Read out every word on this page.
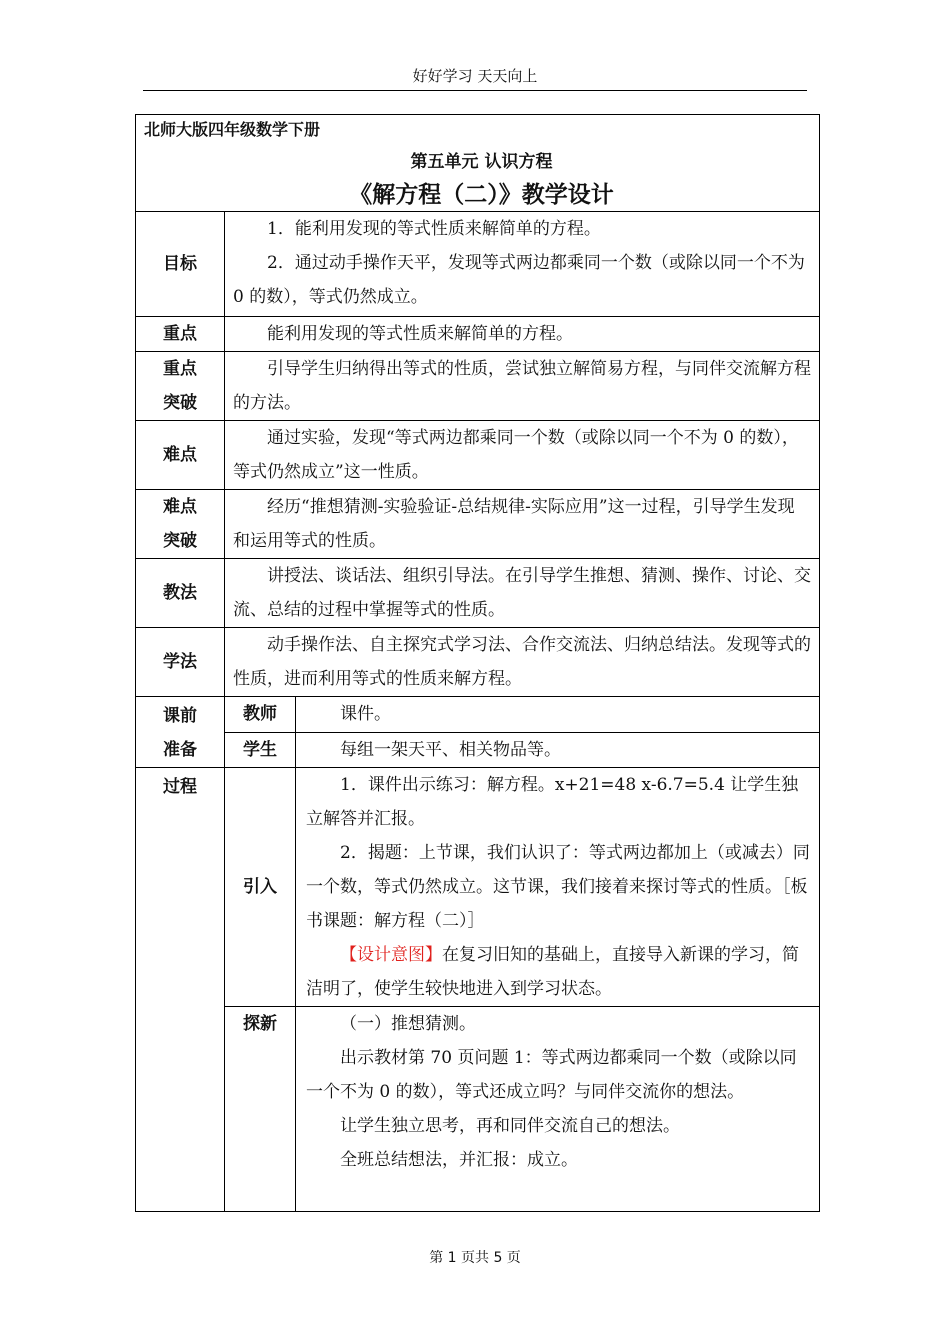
好好学习 天天向上
北师大版四年级数学下册
第五单元 认识方程
《解方程（二）》教学设计		

目标	1．能利用发现的等式性质来解简单的方程。

2．通过动手操作天平，发现等式两边都乘同一个数（或除以同一个不为 0 的数），等式仍然成立。	

重点	能利用发现的等式性质来解简单的方程。	

重点
突破	引导学生归纳得出等式的性质，尝试独立解简易方程，与同伴交流解方程的方法。	

难点	通过实验，发现“等式两边都乘同一个数（或除以同一个不为 0 的数），等式仍然成立”这一性质。	

难点
突破	经历“推想猜测-实验验证-总结规律-实际应用”这一过程，引导学生发现和运用等式的性质。	

教法	讲授法、谈话法、组织引导法。在引导学生推想、猜测、操作、讨论、交流、总结的过程中掌握等式的性质。	

学法	动手操作法、自主探究式学习法、合作交流法、归纳总结法。发现等式的性质，进而利用等式的性质来解方程。	

课前
准备	教师	课件。

	学生	每组一架天平、相关物品等。

过程	引入	1．课件出示练习：解方程。x+21=48 x-6.7=5.4 让学生独立解答并汇报。

2．揭题：上节课，我们认识了：等式两边都加上（或减去）同一个数，等式仍然成立。这节课，我们接着来探讨等式的性质。［板书课题：解方程（二）］

【设计意图】在复习旧知的基础上，直接导入新课的学习，简洁明了，使学生较快地进入到学习状态。

	探新	（一）推想猜测。

出示教材第 70 页问题 1：等式两边都乘同一个数（或除以同一个不为 0 的数），等式还成立吗？与同伴交流你的想法。

让学生独立思考，再和同伴交流自己的想法。

全班总结想法，并汇报：成立。

第 1 页共 5 页
